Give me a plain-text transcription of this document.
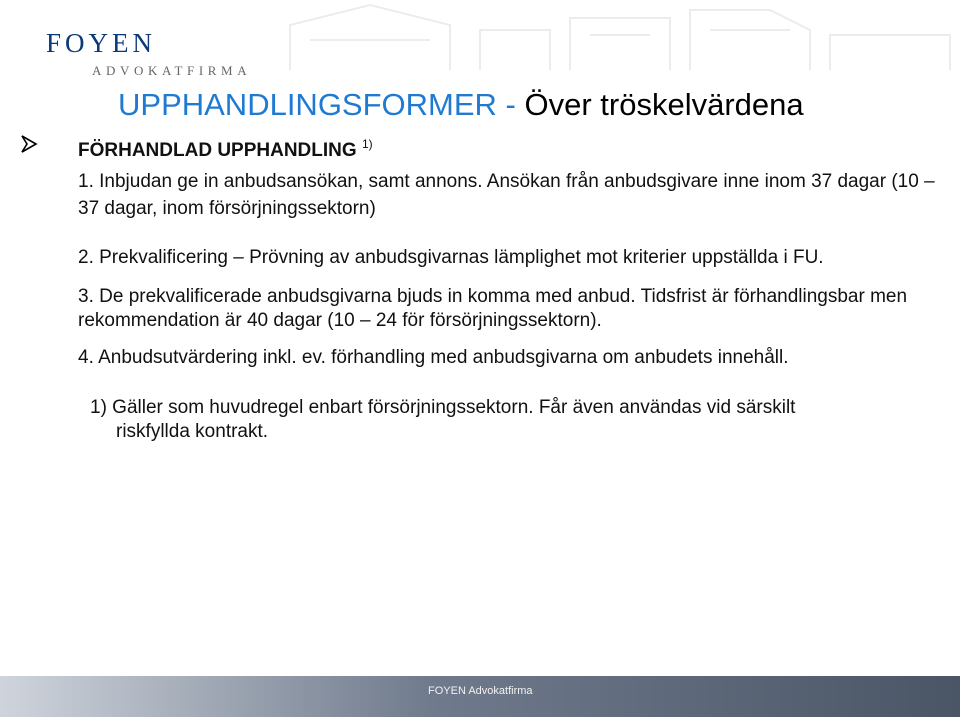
FOYEN
ADVOKATFIRMA
UPPHANDLINGSFORMER - Över tröskelvärdena
FÖRHANDLAD UPPHANDLING $^{1)}$

1. Inbjudan ge in anbudsansökan, samt annons. Ansökan från anbudsgivare inne inom 37 dagar (10 – 37 dagar, inom försörjningssektorn)

2. Prekvalificering – Prövning av anbudsgivarnas lämplighet mot kriterier uppställda i FU.

3. De prekvalificerade anbudsgivarna bjuds in komma med anbud. Tidsfrist är förhandlingsbar men rekommendation är 40 dagar (10 – 24 för försörjningssektorn).

4. Anbudsutvärdering inkl. ev. förhandling med anbudsgivarna om anbudets innehåll.

1) Gäller som huvudregel enbart försörjningssektorn. Får även användas vid särskilt
riskfyllda kontrakt.
FOYEN Advokatfirma
